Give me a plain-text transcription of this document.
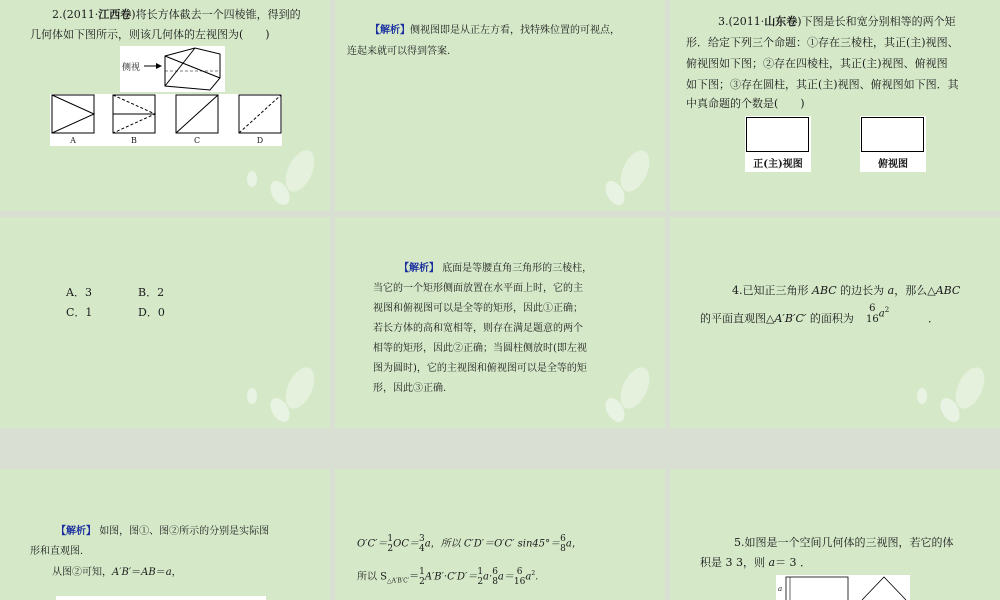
2.(2011·江西卷)将长方体截去一个四棱锥，得到的
几何体如下图所示，则该几何体的左视图为(　　)
侧视
A	B	C	D
【解析】侧视图即是从正左方看，找特殊位置的可视点，
连起来就可以得到答案.
3.(2011·山东卷)下图是长和宽分别相等的两个矩
形．给定下列三个命题：①存在三棱柱，其正(主)视图、
俯视图如下图；②存在四棱柱，其正(主)视图、俯视图
如下图；③存在圆柱，其正(主)视图、俯视图如下图．其
中真命题的个数是(　　)
正(主)视图	俯视图
A．3	B．2
C．1	D．0
【解析】 底面是等腰直角三角形的三棱柱，
当它的一个矩形侧面放置在水平面上时，它的主
视图和俯视图可以是全等的矩形，因此①正确；
若长方体的高和宽相等，则存在满足题意的两个
相等的矩形，因此②正确；当圆柱侧放时(即左视
图为圆时)，它的主视图和俯视图可以是全等的矩
形，因此③正确.
4.已知正三角形 ABC 的边长为 a，那么△ABC
的平面直观图△A′B′C′ 的面积为
6
16 $a^2$
．
【解析】 如图，图①、图②所示的分别是实际图
形和直观图．
从图②可知，A′B′＝AB＝a，
O′C′＝ 1
2 OC＝ 3
4 a，所以 C′D′＝O′C′ sin45°＝ 6
8 a，
所以 $S_{\triangle A'B'C'}= 1$
2 A′B′·C′D′＝ 1
2 a· 6
8 a＝ 6
16 $a^2$.
5.如图是一个空间几何体的三视图，若它的体
积是 3 3，则 a＝ 3 ．
a
